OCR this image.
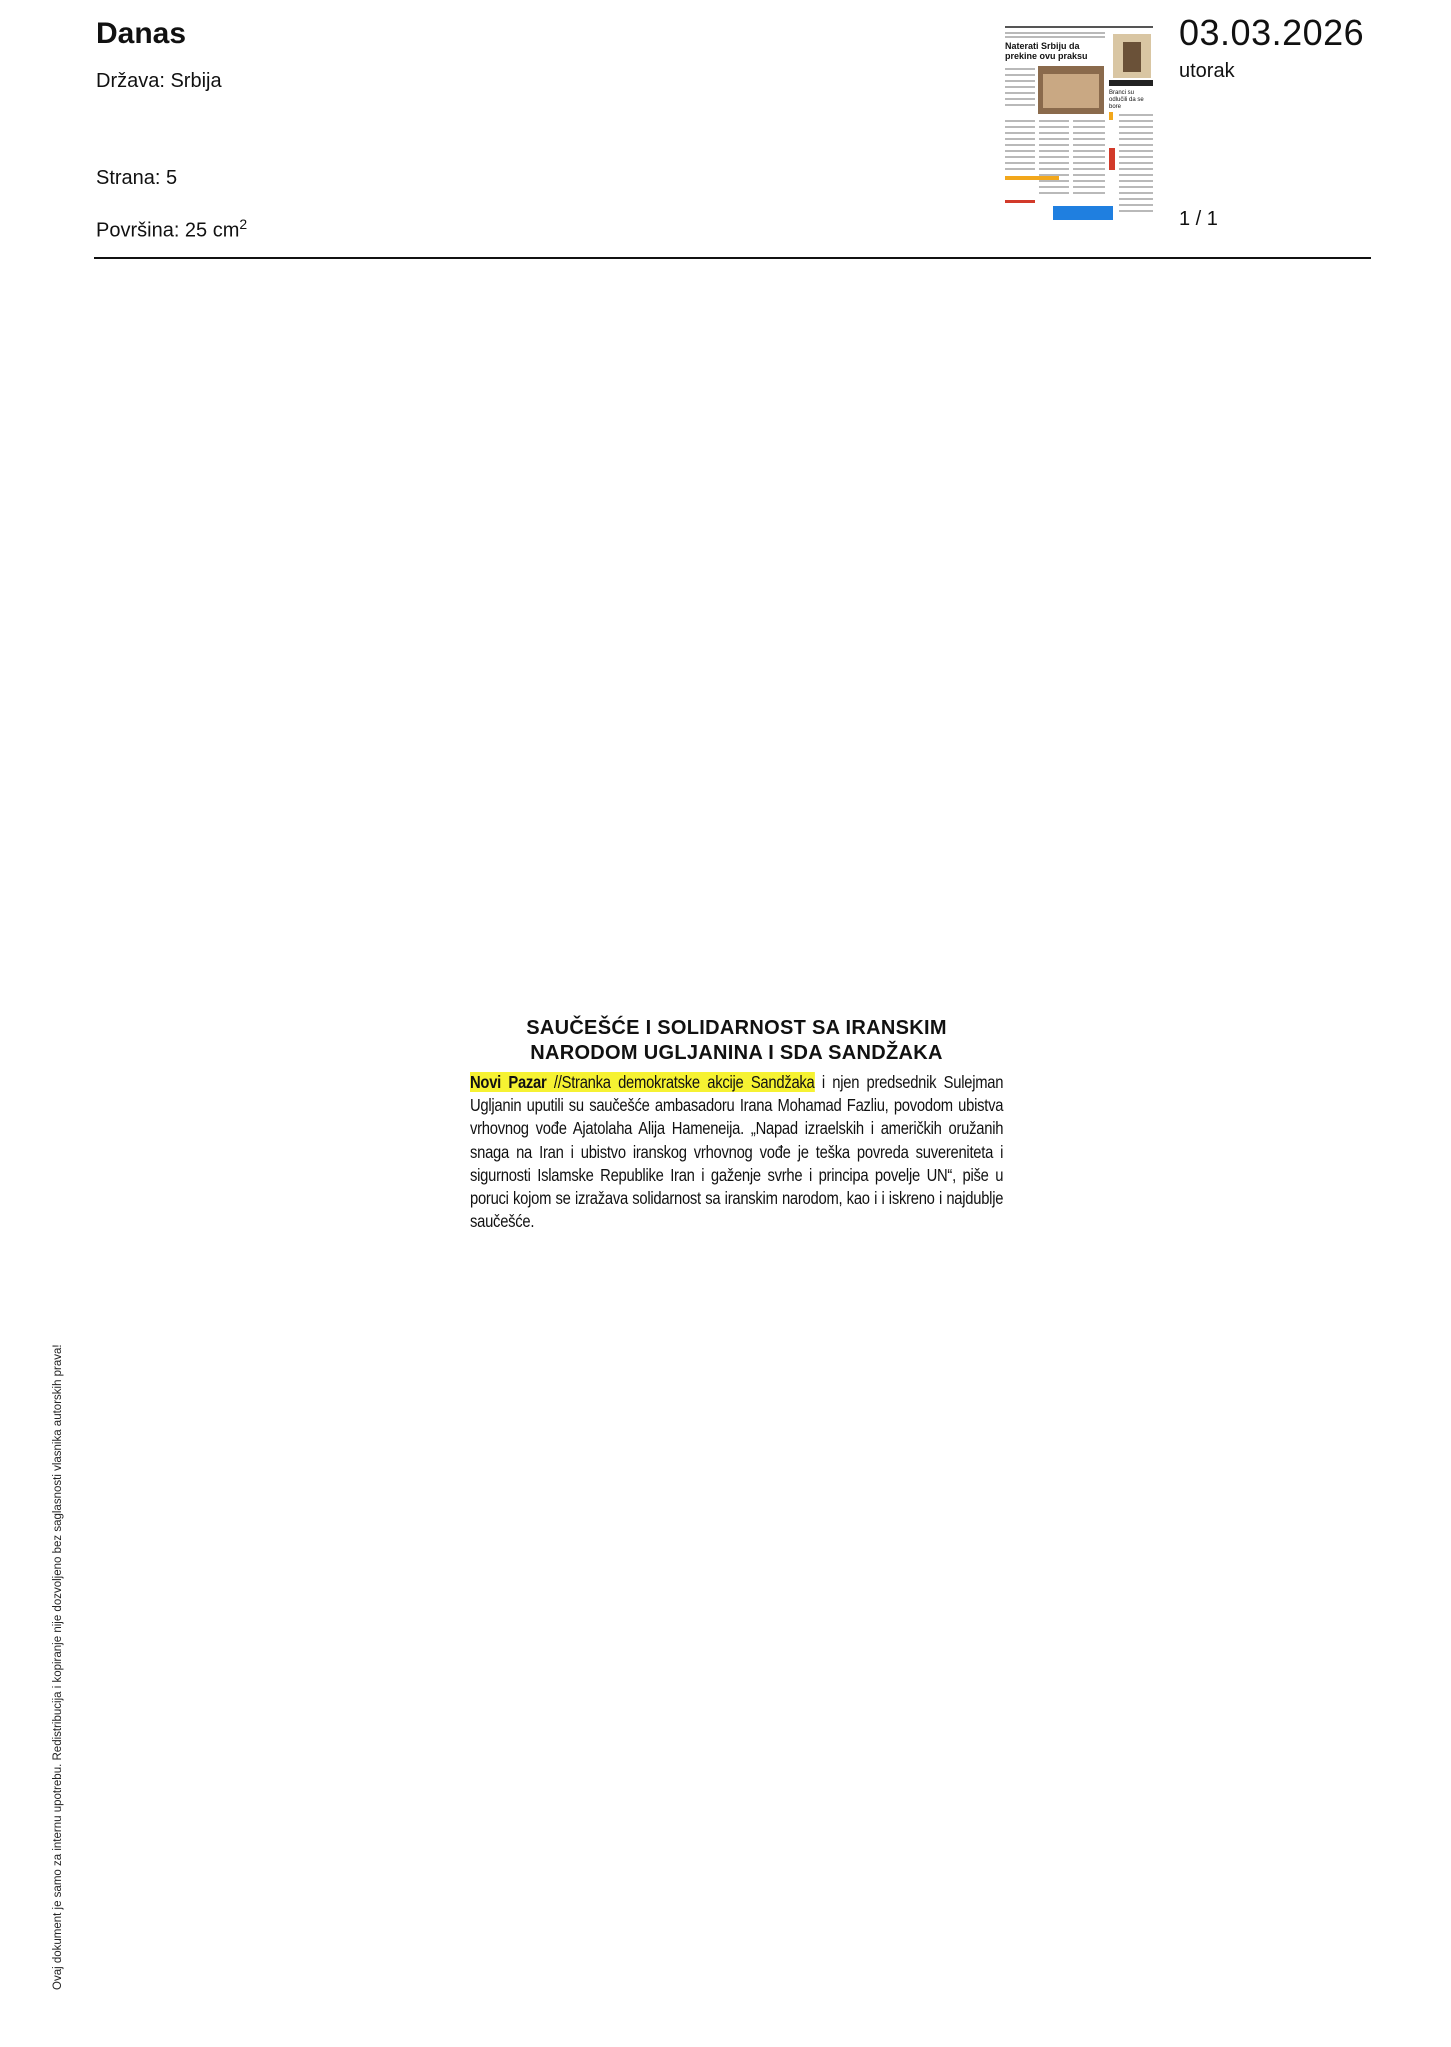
Danas
Država: Srbija
Strana: 5
Površina: 25 $cm^2$
03.03.2026
utorak
1 / 1
Naterati Srbiju da prekine ovu praksu
Branci su odlučili da se bore
SAUČEŠĆE I SOLIDARNOST SA IRANSKIM NARODOM UGLJANINA I SDA SANDŽAKA

Novi Pazar //Stranka demokratske akcije Sandžaka i njen predsednik Sulejman Ugljanin uputili su saučešće ambasadoru Irana Mohamad Fazliu, povodom ubistva vrhovnog vođe Ajatolaha Alija Hameneija. „Napad izraelskih i američkih oružanih snaga na Iran i ubistvo iranskog vrhovnog vođe je teška povreda suvereniteta i sigurnosti Islamske Republike Iran i gaženje svrhe i principa povelje UN“, piše u poruci kojom se izražava solidarnost sa iranskim narodom, kao i i iskreno i najdublje saučešće.

Ovaj dokument je samo za internu upotrebu. Redistribucija i kopiranje nije dozvoljeno bez saglasnosti vlasnika autorskih prava!
